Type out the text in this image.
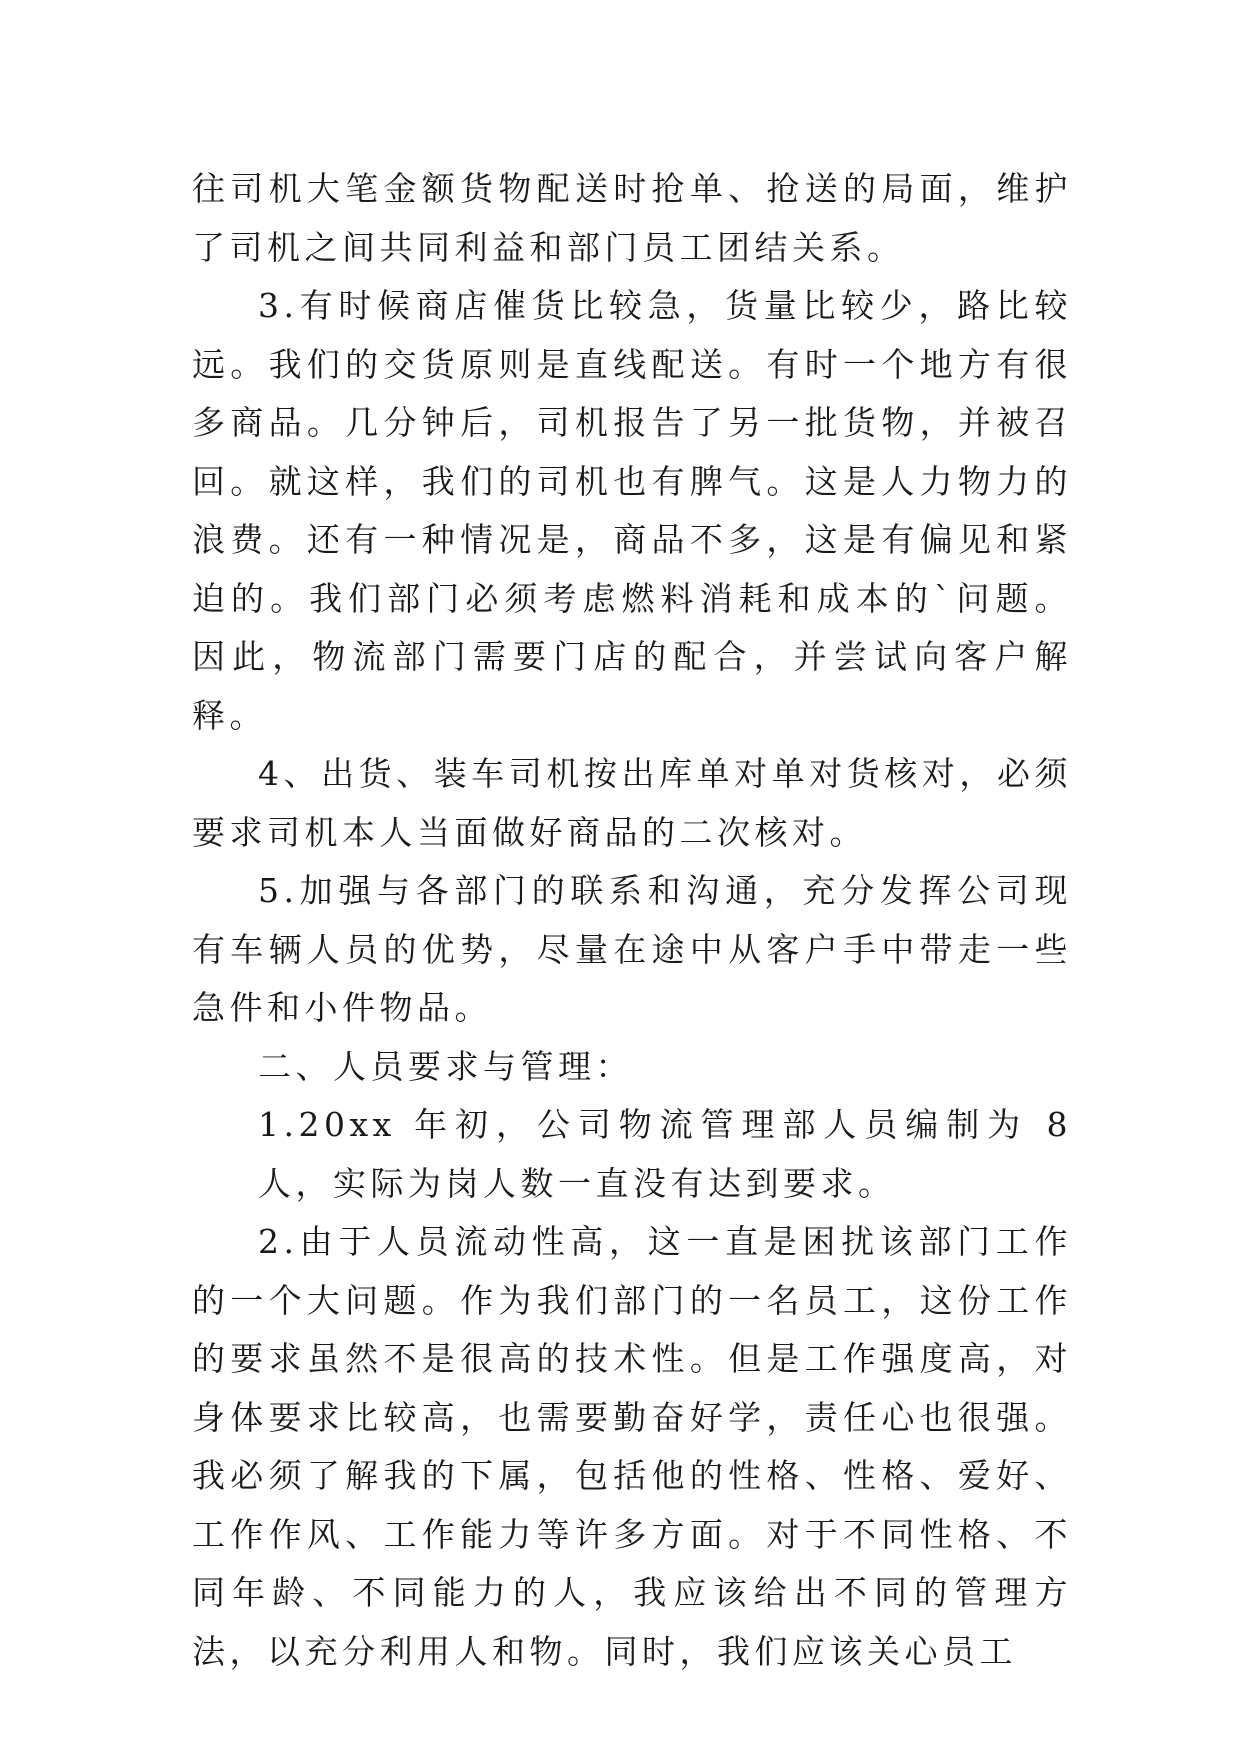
往司机大笔金额货物配送时抢单、抢送的局面，维护了司机之间共同利益和部门员工团结关系。

3.有时候商店催货比较急，货量比较少，路比较远。我们的交货原则是直线配送。有时一个地方有很多商品。几分钟后，司机报告了另一批货物，并被召回。就这样，我们的司机也有脾气。这是人力物力的浪费。还有一种情况是，商品不多，这是有偏见和紧迫的。我们部门必须考虑燃料消耗和成本的`问题。因此，物流部门需要门店的配合，并尝试向客户解释。

4、出货、装车司机按出库单对单对货核对，必须要求司机本人当面做好商品的二次核对。

5.加强与各部门的联系和沟通，充分发挥公司现有车辆人员的优势，尽量在途中从客户手中带走一些急件和小件物品。

二、人员要求与管理：

1.20xx 年初，公司物流管理部人员编制为 8 人，实际为岗人数一直没有达到要求。

2.由于人员流动性高，这一直是困扰该部门工作的一个大问题。作为我们部门的一名员工，这份工作的要求虽然不是很高的技术性。但是工作强度高，对身体要求比较高，也需要勤奋好学，责任心也很强。我必须了解我的下属，包括他的性格、性格、爱好、工作作风、工作能力等许多方面。对于不同性格、不同年龄、不同能力的人，我应该给出不同的管理方法，以充分利用人和物。同时，我们应该关心员工
